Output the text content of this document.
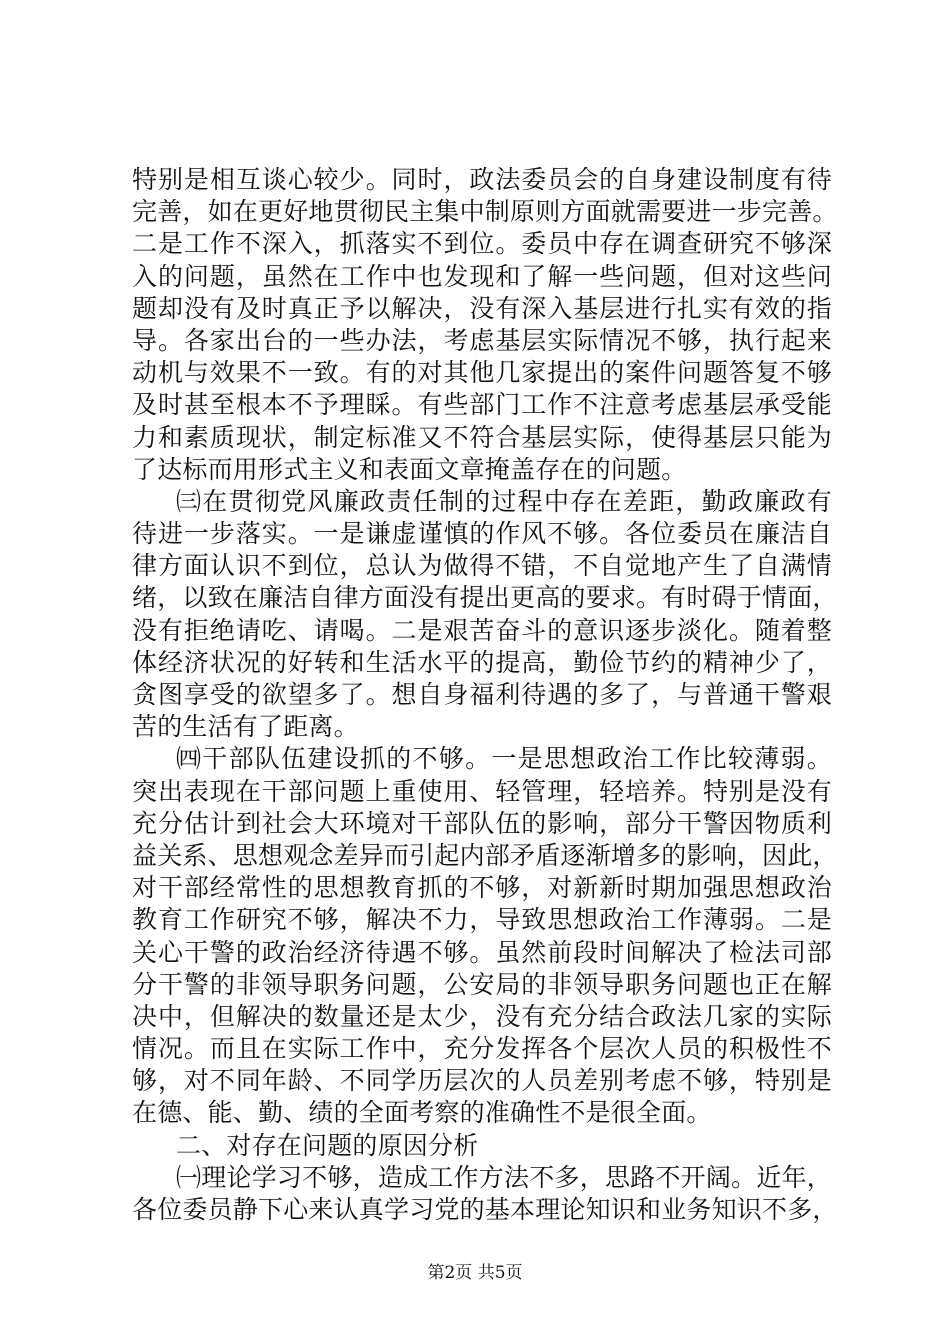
特别是相互谈心较少。同时，政法委员会的自身建设制度有待
完善，如在更好地贯彻民主集中制原则方面就需要进一步完善。
二是工作不深入，抓落实不到位。委员中存在调查研究不够深
入的问题，虽然在工作中也发现和了解一些问题，但对这些问
题却没有及时真正予以解决，没有深入基层进行扎实有效的指
导。各家出台的一些办法，考虑基层实际情况不够，执行起来
动机与效果不一致。有的对其他几家提出的案件问题答复不够
及时甚至根本不予理睬。有些部门工作不注意考虑基层承受能
力和素质现状，制定标准又不符合基层实际，使得基层只能为
了达标而用形式主义和表面文章掩盖存在的问题。
㈢在贯彻党风廉政责任制的过程中存在差距，勤政廉政有
待进一步落实。一是谦虚谨慎的作风不够。各位委员在廉洁自
律方面认识不到位，总认为做得不错，不自觉地产生了自满情
绪，以致在廉洁自律方面没有提出更高的要求。有时碍于情面，
没有拒绝请吃、请喝。二是艰苦奋斗的意识逐步淡化。随着整
体经济状况的好转和生活水平的提高，勤俭节约的精神少了，
贪图享受的欲望多了。想自身福利待遇的多了，与普通干警艰
苦的生活有了距离。
㈣干部队伍建设抓的不够。一是思想政治工作比较薄弱。
突出表现在干部问题上重使用、轻管理，轻培养。特别是没有
充分估计到社会大环境对干部队伍的影响，部分干警因物质利
益关系、思想观念差异而引起内部矛盾逐渐增多的影响，因此，
对干部经常性的思想教育抓的不够，对新新时期加强思想政治
教育工作研究不够，解决不力，导致思想政治工作薄弱。二是
关心干警的政治经济待遇不够。虽然前段时间解决了检法司部
分干警的非领导职务问题，公安局的非领导职务问题也正在解
决中，但解决的数量还是太少，没有充分结合政法几家的实际
情况。而且在实际工作中，充分发挥各个层次人员的积极性不
够，对不同年龄、不同学历层次的人员差别考虑不够，特别是
在德、能、勤、绩的全面考察的准确性不是很全面。
二、对存在问题的原因分析
㈠理论学习不够，造成工作方法不多，思路不开阔。近年，
各位委员静下心来认真学习党的基本理论知识和业务知识不多，
第2页 共5页
